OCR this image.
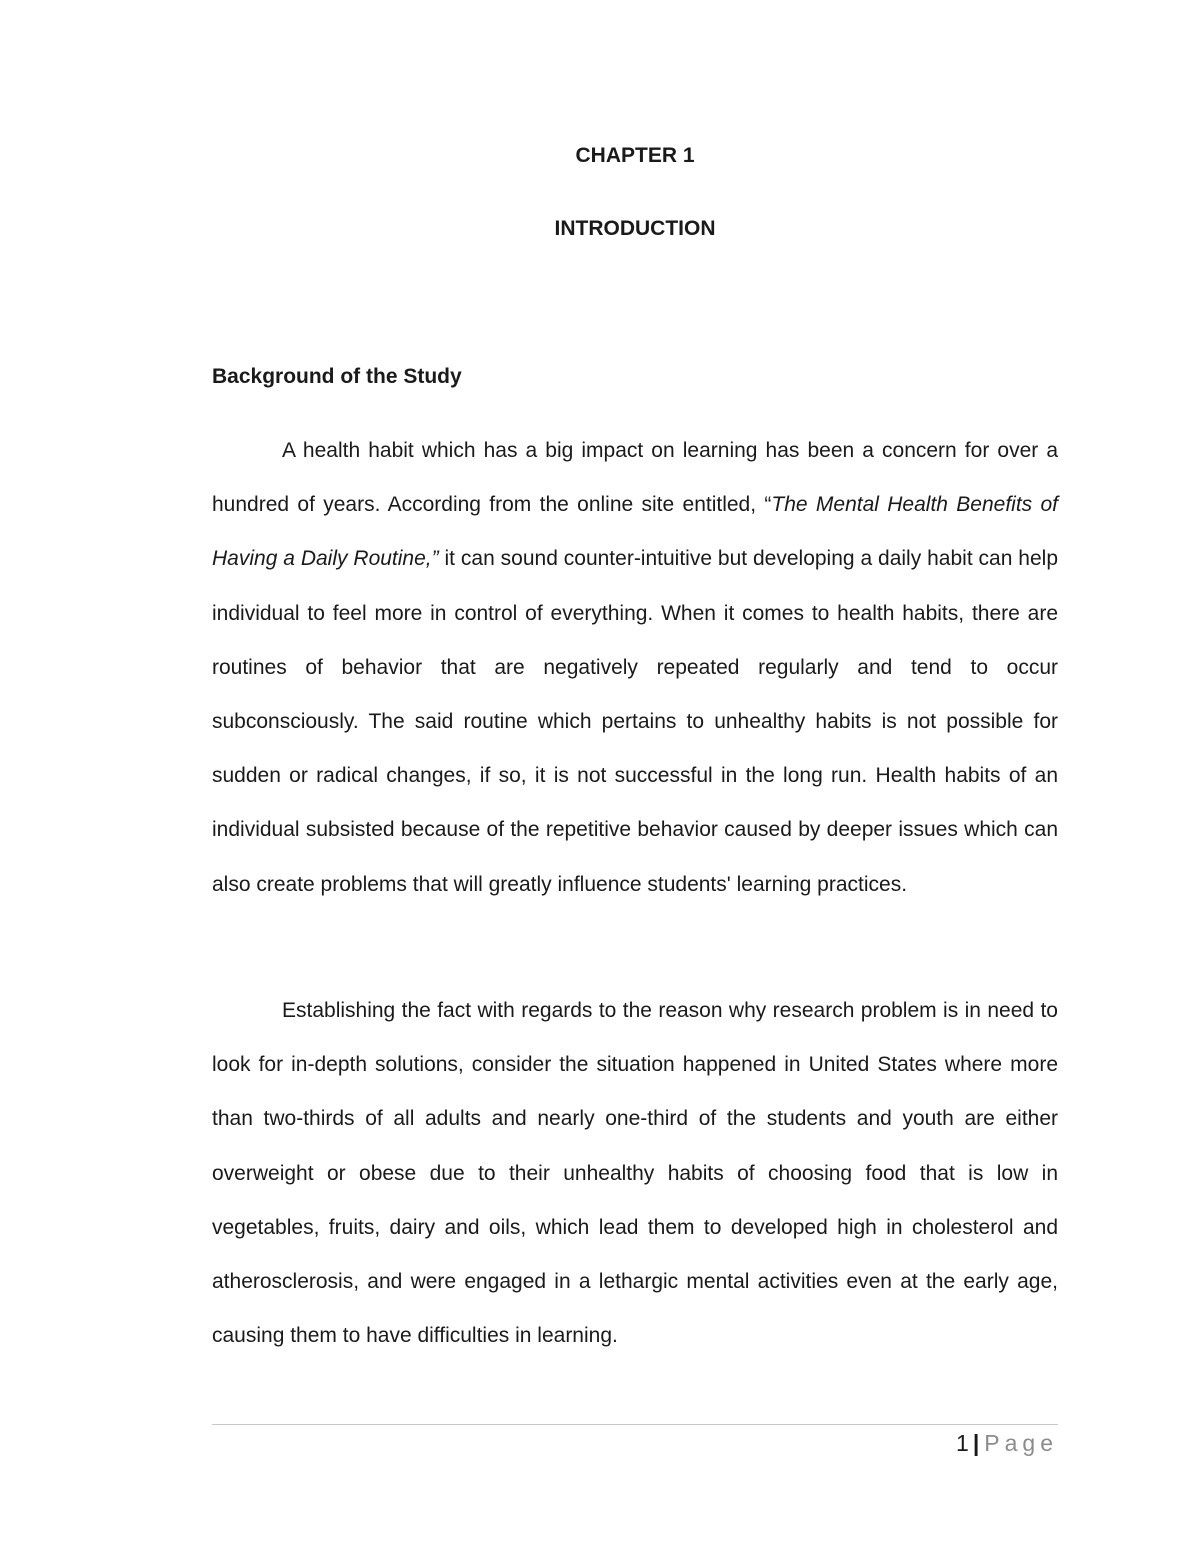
CHAPTER 1
INTRODUCTION
Background of the Study

A health habit which has a big impact on learning has been a concern for over a hundred of years. According from the online site entitled, “The Mental Health Benefits of Having a Daily Routine,” it can sound counter-intuitive but developing a daily habit can help individual to feel more in control of everything. When it comes to health habits, there are routines of behavior that are negatively repeated regularly and tend to occur subconsciously. The said routine which pertains to unhealthy habits is not possible for sudden or radical changes, if so, it is not successful in the long run. Health habits of an individual subsisted because of the repetitive behavior caused by deeper issues which can also create problems that will greatly influence students' learning practices.

Establishing the fact with regards to the reason why research problem is in need to look for in-depth solutions, consider the situation happened in United States where more than two-thirds of all adults and nearly one-third of the students and youth are either overweight or obese due to their unhealthy habits of choosing food that is low in vegetables, fruits, dairy and oils, which lead them to developed high in cholesterol and atherosclerosis, and were engaged in a lethargic mental activities even at the early age, causing them to have difficulties in learning.

1 | Page
